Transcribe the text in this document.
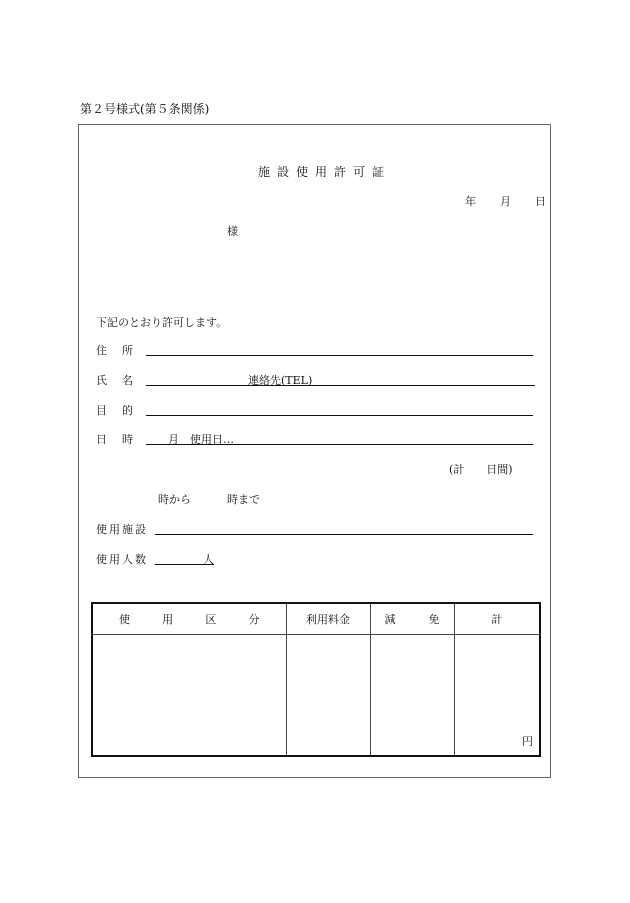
第２号様式(第５条関係)
施設使用許可証
年 月 日
様
下記のとおり許可します。
住　所
氏　名	連絡先(TEL)
目　的
日　時	月 使用日…
(計　　日間)
時から	時まで
使用施設
使用人数	人
使 用 区 分	利用料金	減 免	計
			円
